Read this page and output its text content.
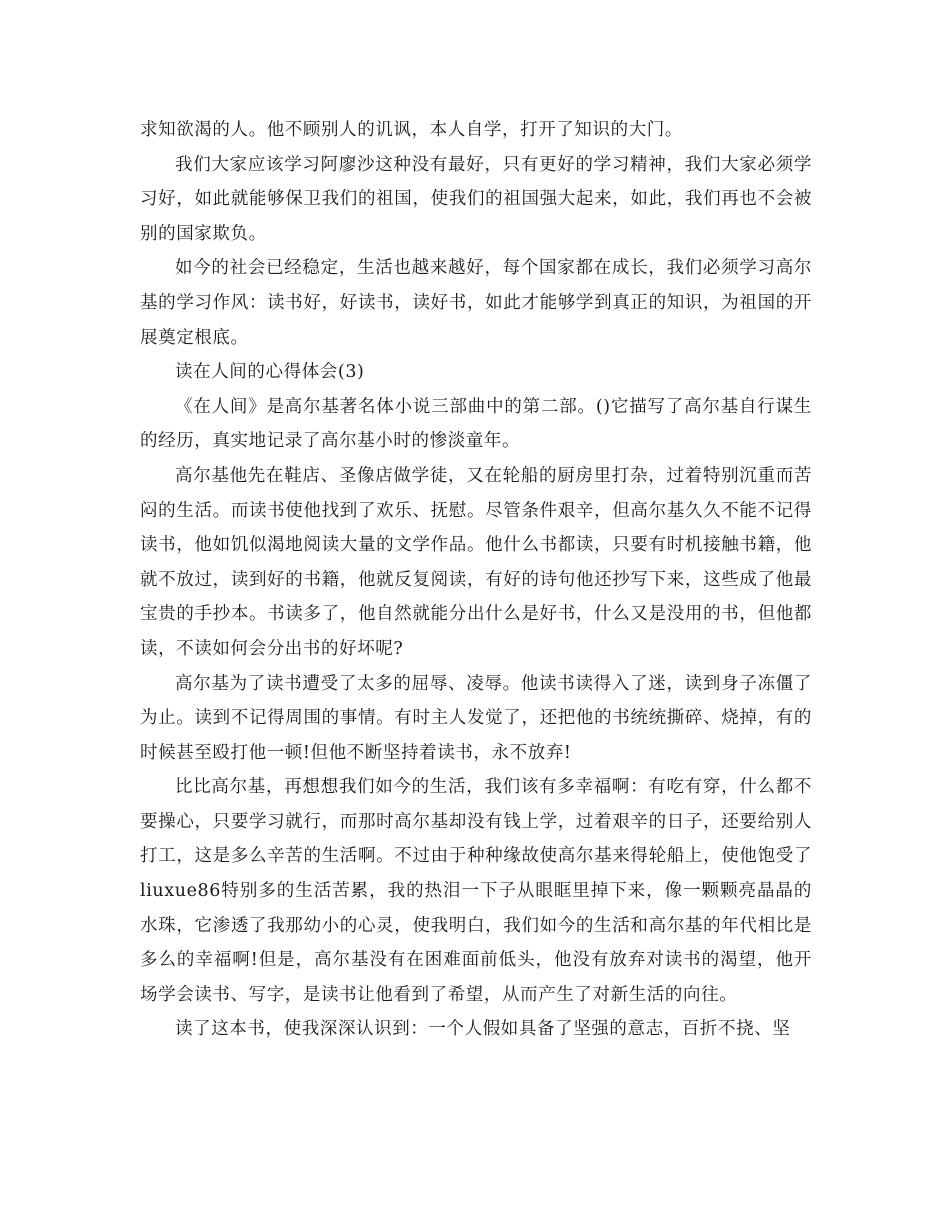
求知欲渴的人。他不顾别人的讥讽，本人自学，打开了知识的大门。

我们大家应该学习阿廖沙这种没有最好，只有更好的学习精神，我们大家必须学习好，如此就能够保卫我们的祖国，使我们的祖国强大起来，如此，我们再也不会被别的国家欺负。

如今的社会已经稳定，生活也越来越好，每个国家都在成长，我们必须学习高尔基的学习作风：读书好，好读书，读好书，如此才能够学到真正的知识，为祖国的开展奠定根底。

读在人间的心得体会(3)

《在人间》是高尔基著名体小说三部曲中的第二部。()它描写了高尔基自行谋生的经历，真实地记录了高尔基小时的惨淡童年。

高尔基他先在鞋店、圣像店做学徒，又在轮船的厨房里打杂，过着特别沉重而苦闷的生活。而读书使他找到了欢乐、抚慰。尽管条件艰辛，但高尔基久久不能不记得读书，他如饥似渴地阅读大量的文学作品。他什么书都读，只要有时机接触书籍，他就不放过，读到好的书籍，他就反复阅读，有好的诗句他还抄写下来，这些成了他最宝贵的手抄本。书读多了，他自然就能分出什么是好书，什么又是没用的书，但他都读，不读如何会分出书的好坏呢?

高尔基为了读书遭受了太多的屈辱、凌辱。他读书读得入了迷，读到身子冻僵了为止。读到不记得周围的事情。有时主人发觉了，还把他的书统统撕碎、烧掉，有的时候甚至殴打他一顿!但他不断坚持着读书，永不放弃!

比比高尔基，再想想我们如今的生活，我们该有多幸福啊：有吃有穿，什么都不要操心，只要学习就行，而那时高尔基却没有钱上学，过着艰辛的日子，还要给别人打工，这是多么辛苦的生活啊。不过由于种种缘故使高尔基来得轮船上，使他饱受了liuxue86特别多的生活苦累，我的热泪一下子从眼眶里掉下来，像一颗颗亮晶晶的水珠，它渗透了我那幼小的心灵，使我明白，我们如今的生活和高尔基的年代相比是多么的幸福啊!但是，高尔基没有在困难面前低头，他没有放弃对读书的渴望，他开场学会读书、写字，是读书让他看到了希望，从而产生了对新生活的向往。

读了这本书，使我深深认识到：一个人假如具备了坚强的意志，百折不挠、坚
